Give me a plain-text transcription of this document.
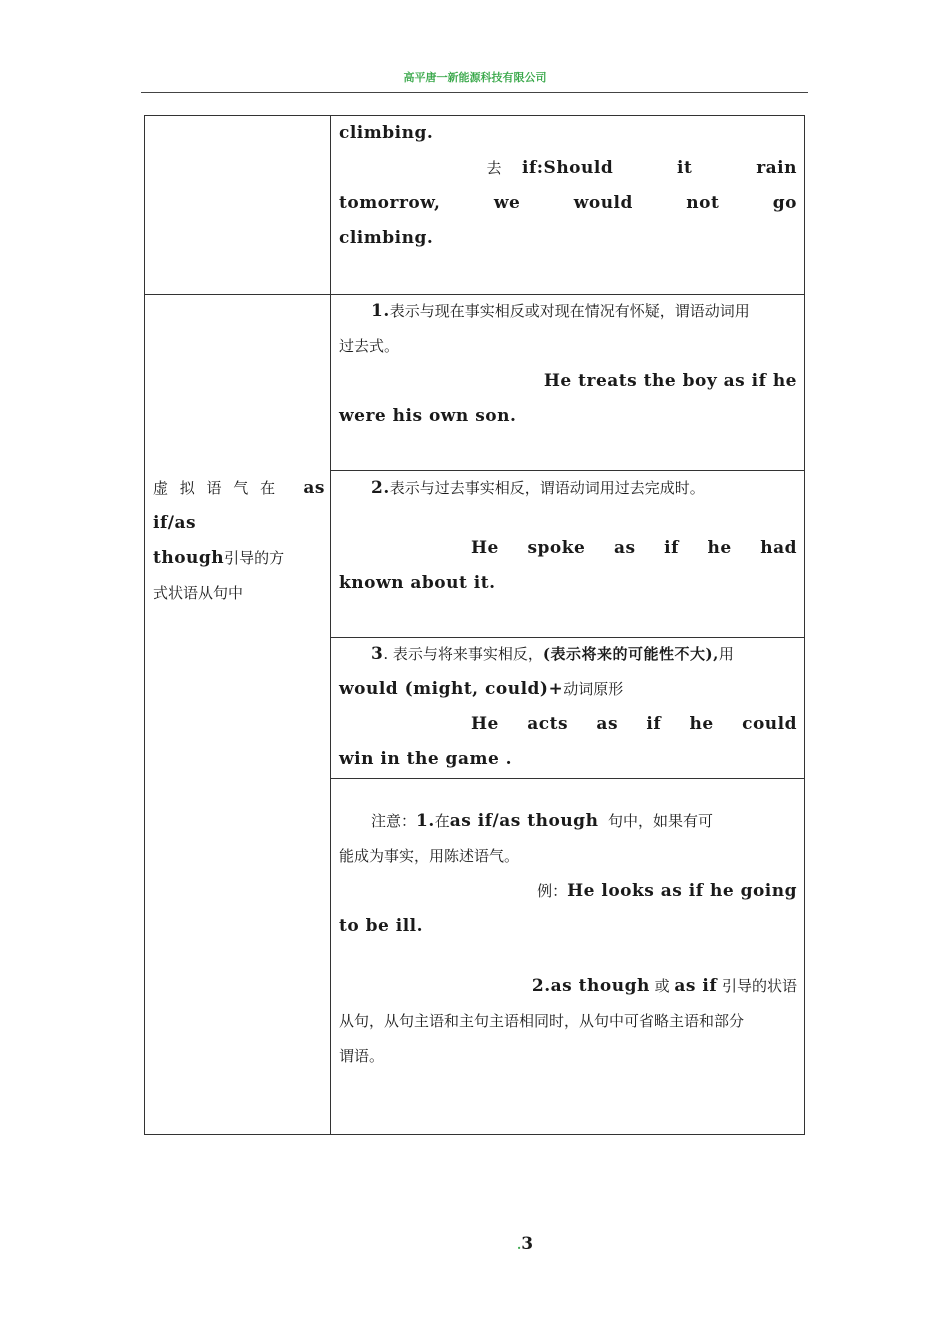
高平唐一新能源科技有限公司
climbing.
去 if:Should it rain
tomorrow, we would not go
climbing.
虚拟语气在 as
if/as
though引导的方
式状语从句中
1.表示与现在事实相反或对现在情况有怀疑，谓语动词用
过去式。
He treats the boy as if he
were his own son.
2.表示与过去事实相反，谓语动词用过去完成时。
He spoke as if he had
known about it.
3. 表示与将来事实相反，(表示将来的可能性不大),用
would (might, could)+动词原形
He acts as if he could
win in the game .
注意：1.在as if/as though 句中，如果有可
能成为事实，用陈述语气。
例：He looks as if he going
to be ill.
2.as though 或 as if 引导的状语
从句，从句主语和主句主语相同时，从句中可省略主语和部分
谓语。
.3
